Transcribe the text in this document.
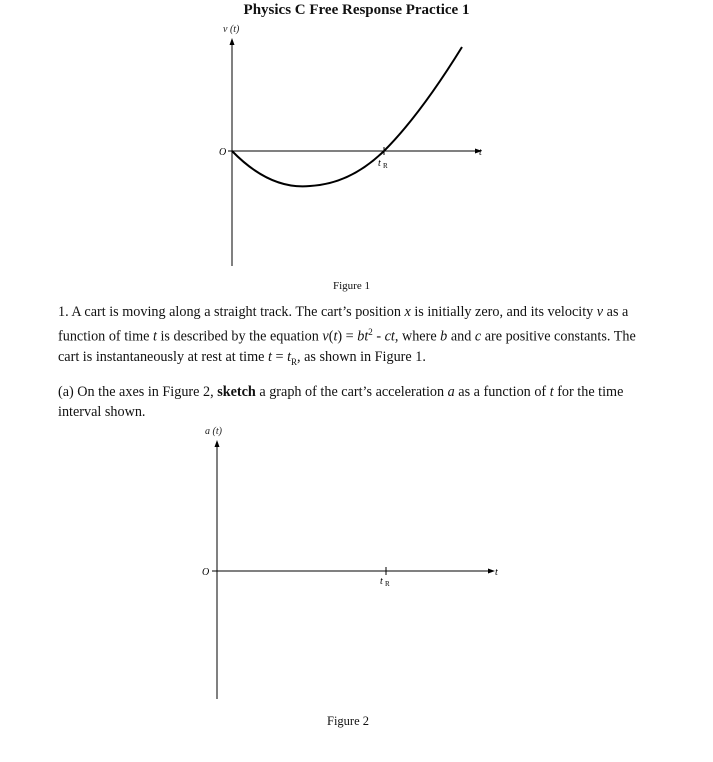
Physics C Free Response Practice 1
v (t)
O	t
t R
Figure 1
1. A cart is moving along a straight track. The cart’s position x is initially zero, and its velocity v as a function of time t is described by the equation $v(t) = bt^2$ - ct, where b and c are positive constants. The cart is instantaneously at rest at time $t = t_R$, as shown in Figure 1.
(a) On the axes in Figure 2, sketch a graph of the cart’s acceleration a as a function of t for the time interval shown.
a (t)
O	t
t R
Figure 2
